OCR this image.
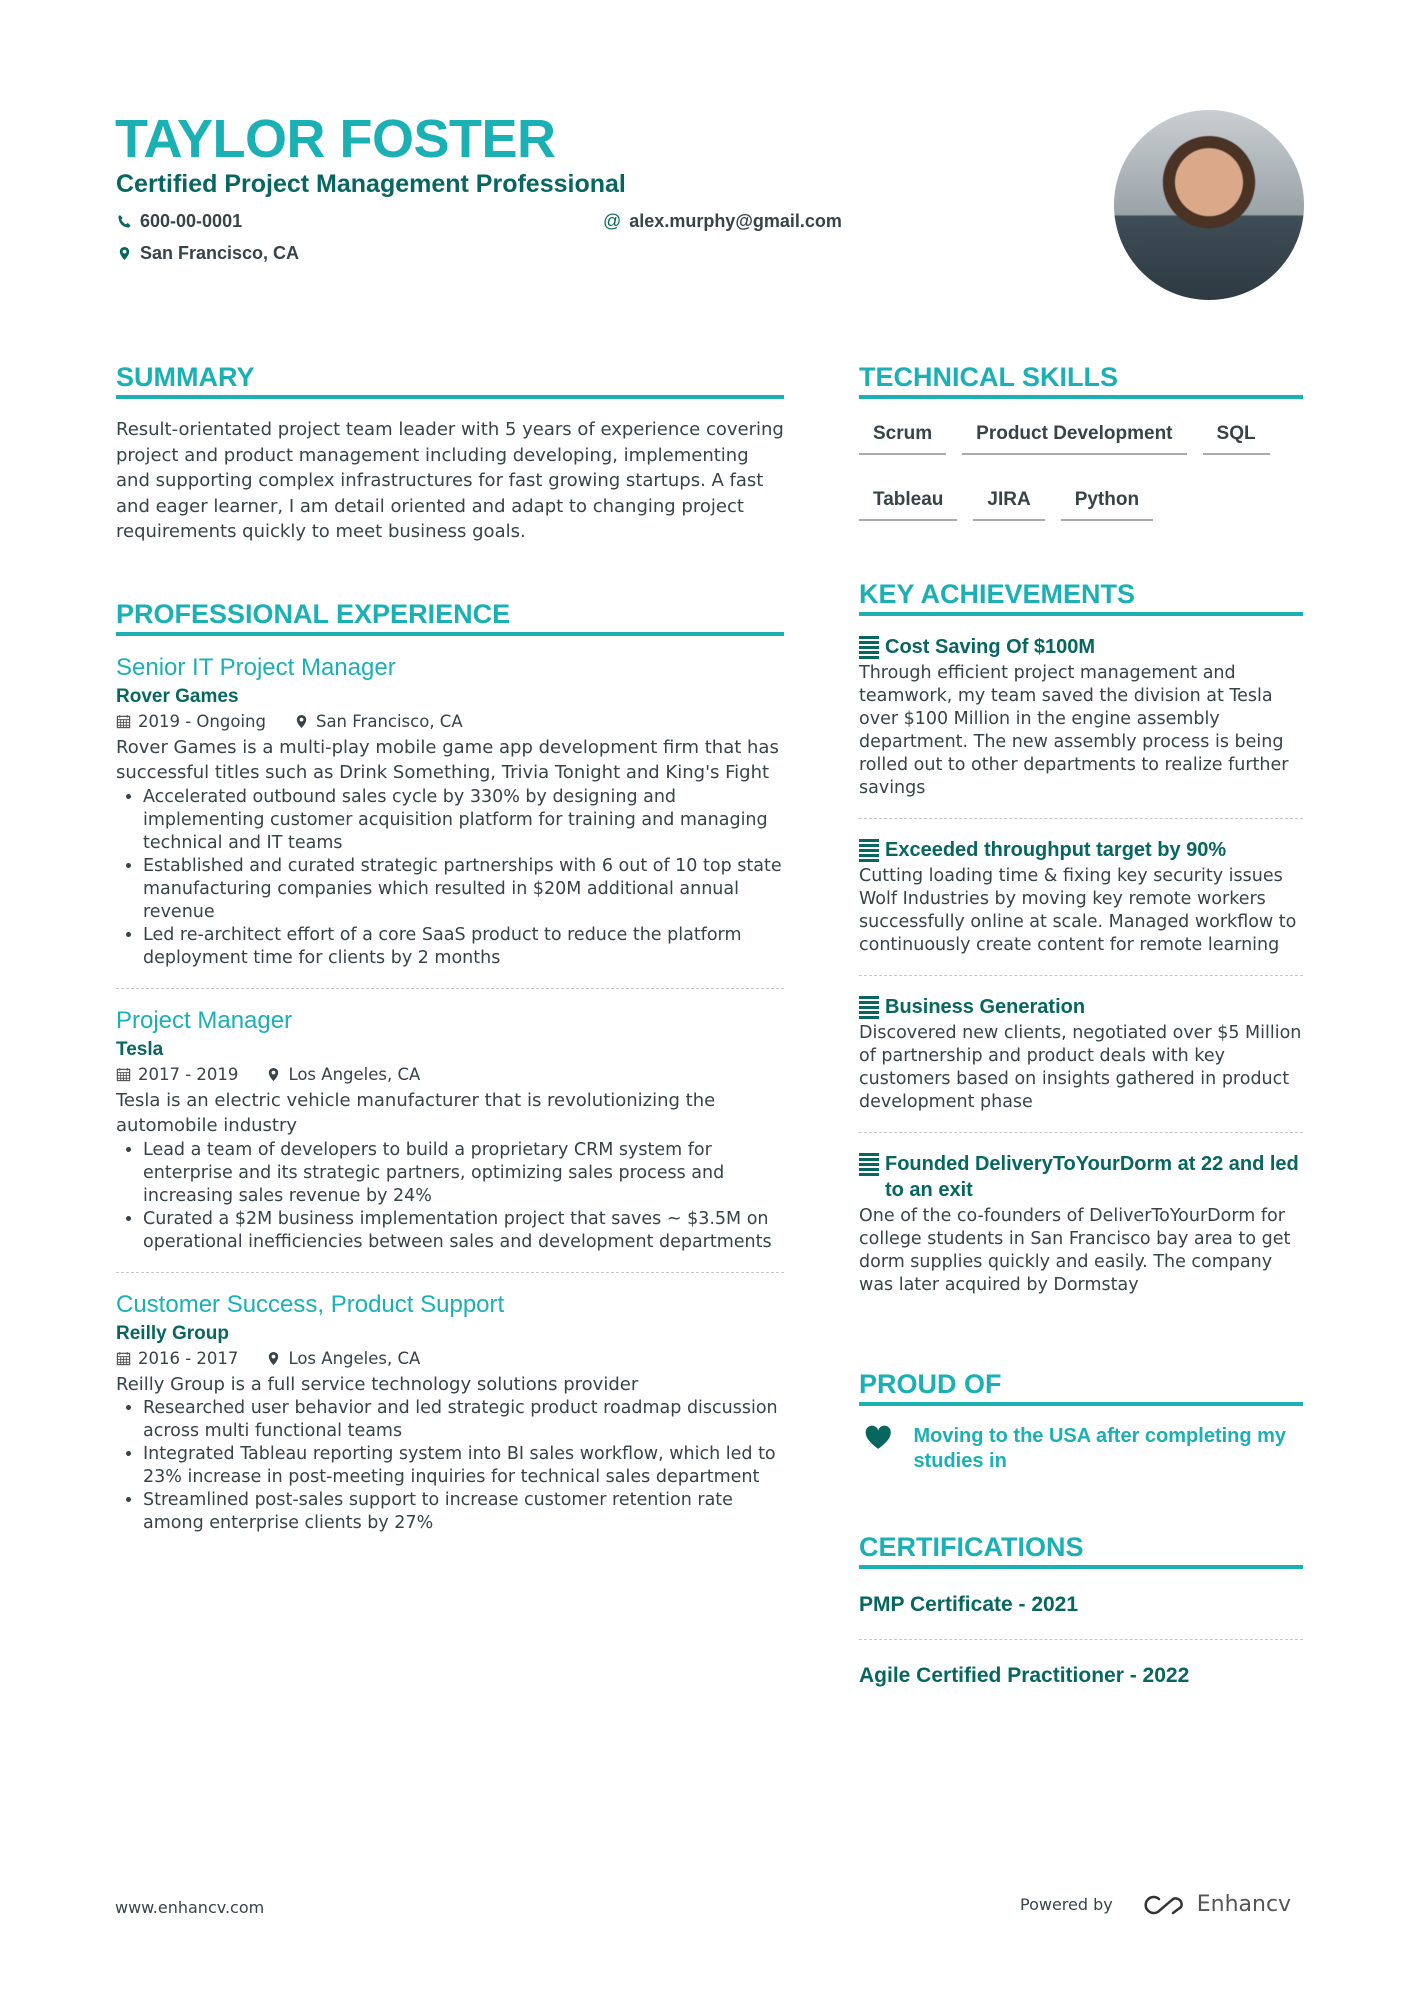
TAYLOR FOSTER
Certified Project Management Professional
600-00-0001	@ alex.murphy@gmail.com
San Francisco, CA
SUMMARY

Result-orientated project team leader with 5 years of experience covering project and product management including developing, implementing and supporting complex infrastructures for fast growing startups. A fast and eager learner, I am detail oriented and adapt to changing project requirements quickly to meet business goals.

PROFESSIONAL EXPERIENCE
Senior IT Project Manager
Rover Games
2019 - Ongoing	San Francisco, CA

Rover Games is a multi-play mobile game app development firm that has successful titles such as Drink Something, Trivia Tonight and King's Fight

• Accelerated outbound sales cycle by 330% by designing and implementing customer acquisition platform for training and managing technical and IT teams
• Established and curated strategic partnerships with 6 out of 10 top state manufacturing companies which resulted in $20M additional annual revenue
• Led re-architect effort of a core SaaS product to reduce the platform deployment time for clients by 2 months
Project Manager
Tesla
2017 - 2019	Los Angeles, CA

Tesla is an electric vehicle manufacturer that is revolutionizing the automobile industry

• Lead a team of developers to build a proprietary CRM system for enterprise and its strategic partners, optimizing sales process and increasing sales revenue by 24%
• Curated a $2M business implementation project that saves ~ $3.5M on operational inefficiencies between sales and development departments
Customer Success, Product Support
Reilly Group
2016 - 2017	Los Angeles, CA

Reilly Group is a full service technology solutions provider

• Researched user behavior and led strategic product roadmap discussion across multi functional teams
• Integrated Tableau reporting system into BI sales workflow, which led to 23% increase in post-meeting inquiries for technical sales department
• Streamlined post-sales support to increase customer retention rate among enterprise clients by 27%
TECHNICAL SKILLS
Scrum	Product Development	SQL
Tableau	JIRA	Python
KEY ACHIEVEMENTS
Cost Saving Of $100M

Through efficient project management and teamwork, my team saved the division at Tesla over $100 Million in the engine assembly department. The new assembly process is being rolled out to other departments to realize further savings

Exceeded throughput target by 90%

Cutting loading time & fixing key security issues Wolf Industries by moving key remote workers successfully online at scale. Managed workflow to continuously create content for remote learning

Business Generation

Discovered new clients, negotiated over $5 Million of partnership and product deals with key customers based on insights gathered in product development phase

Founded DeliveryToYourDorm at 22 and led to an exit

One of the co-founders of DeliverToYourDorm for college students in San Francisco bay area to get dorm supplies quickly and easily. The company was later acquired by Dormstay

PROUD OF
Moving to the USA after completing my studies in
CERTIFICATIONS
PMP Certificate - 2021
Agile Certified Practitioner - 2022
www.enhancv.com	Powered by	Enhancv
